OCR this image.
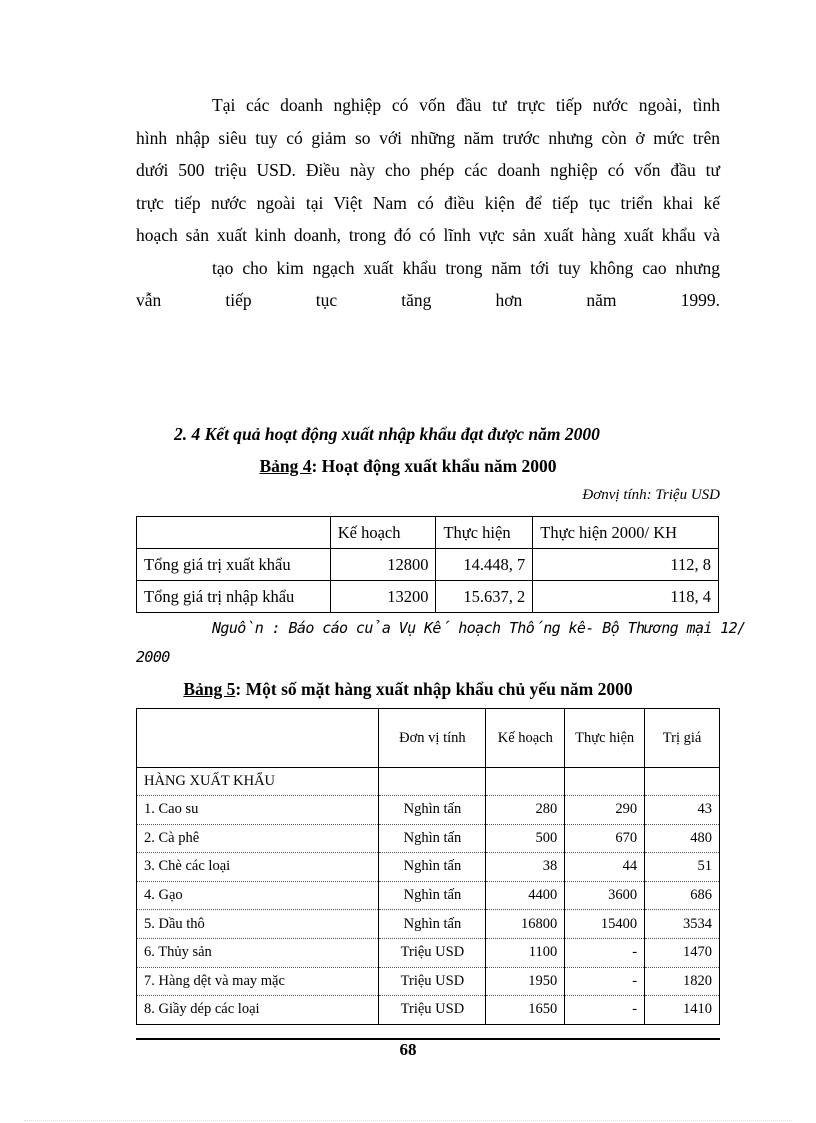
Tại các doanh nghiệp có vốn đầu tư trực tiếp nước ngoài, tình
hình nhập siêu tuy có giảm so với những năm trước nhưng còn ở mức trên
dưới 500 triệu USD. Điều này cho phép các doanh nghiệp có vốn đầu tư
trực tiếp nước ngoài tại Việt Nam có điều kiện để tiếp tục triển khai kế
hoạch sản xuất kinh doanh, trong đó có lĩnh vực sản xuất hàng xuất khẩu và
tạo cho kim ngạch xuất khẩu trong năm tới tuy không cao nhưng
vẫn tiếp tục tăng hơn năm 1999.
2. 4 Kết quả hoạt động xuất nhập khẩu đạt được năm 2000
Bảng 4: Hoạt động xuất khẩu năm 2000
Đơnvị tính: Triệu USD
	Kế hoạch	Thực hiện	Thực hiện 2000/ KH
Tổng giá trị xuất khẩu	12800	14.448, 7	112, 8
Tổng giá trị nhập khẩu	13200	15.637, 2	118, 4
Nguồn : Báo cáo của Vụ Kế hoạch Thống kê- Bộ Thương mại 12/
2000
Bảng 5: Một số mặt hàng xuất nhập khẩu chủ yếu năm 2000
	Đơn vị tính	Kế hoạch	Thực hiện	Trị giá
HÀNG XUẤT KHẨU				
1. Cao su	Nghìn tấn	280	290	43
2. Cà phê	Nghìn tấn	500	670	480
3. Chè các loại	Nghìn tấn	38	44	51
4. Gạo	Nghìn tấn	4400	3600	686
5. Dầu thô	Nghìn tấn	16800	15400	3534
6. Thủy sản	Triệu USD	1100	-	1470
7. Hàng dệt và may mặc	Triệu USD	1950	-	1820
8. Giầy dép các loại	Triệu USD	1650	-	1410
68
